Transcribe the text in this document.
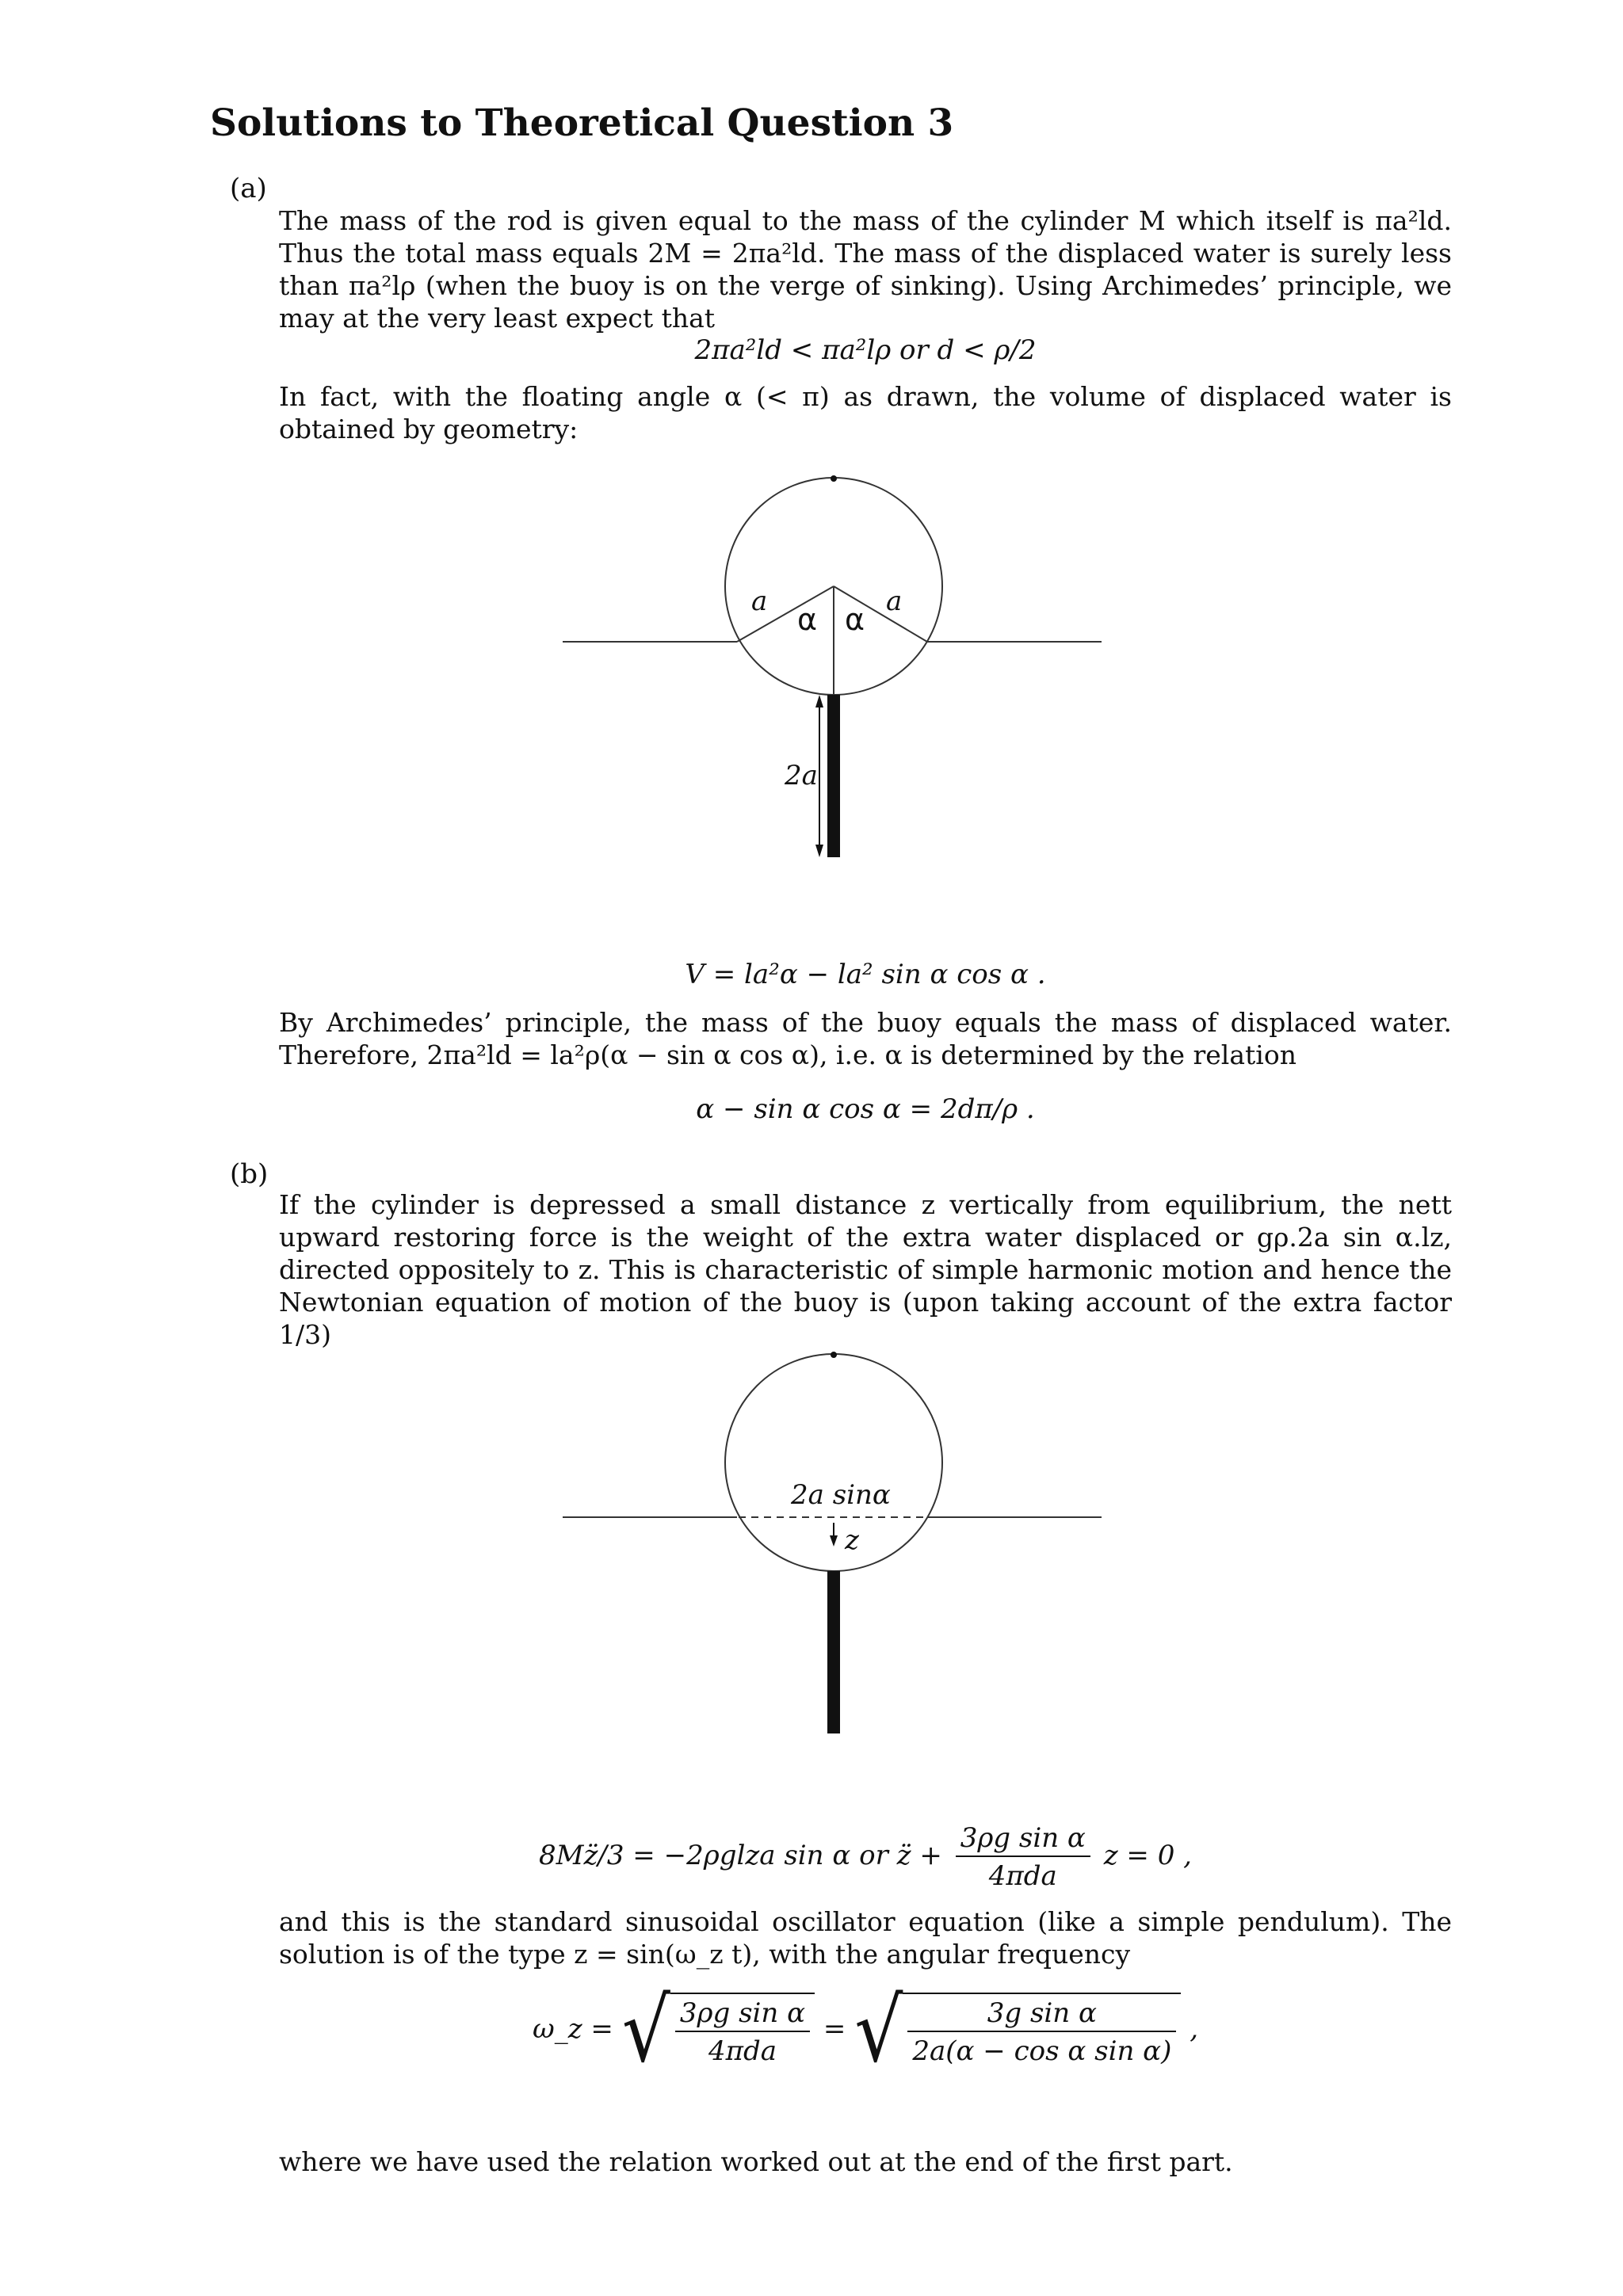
Solutions to Theoretical Question 3

(a)

The mass of the rod is given equal to the mass of the cylinder M which itself is πa²ld. Thus the total mass equals 2M = 2πa²ld. The mass of the displaced water is surely less than πa²lρ (when the buoy is on the verge of sinking). Using Archimedes’ principle, we may at the very least expect that

2πa²ld < πa²lρ or d < ρ/2

In fact, with the floating angle α (< π) as drawn, the volume of displaced water is obtained by geometry:

a	a
α α
2a

V = la²α − la² sin α cos α .

By Archimedes’ principle, the mass of the buoy equals the mass of displaced water. Therefore, 2πa²ld = la²ρ(α − sin α cos α), i.e. α is determined by the relation

α − sin α cos α = 2dπ/ρ .

(b)

If the cylinder is depressed a small distance z vertically from equilibrium, the nett upward restoring force is the weight of the extra water displaced or gρ.2a sin α.lz, directed oppositely to z. This is characteristic of simple harmonic motion and hence the Newtonian equation of motion of the buoy is (upon taking account of the extra factor 1/3)

2a sinα
z
8Mz̈/3 = −2ρglza sin α or z̈ + $\frac{\text{3ρg sin α}}{\text{4πda}}$ z = 0 ,

and this is the standard sinusoidal oscillator equation (like a simple pendulum). The solution is of the type z = sin(ω_z t), with the angular frequency

ω_z = √ $\frac{\text{3ρg sin α}}{\text{4πda}}$ = √ $\frac{\text{3g sin α}}{\text{2a(α − cos α sin α)}}$ ,

where we have used the relation worked out at the end of the first part.
